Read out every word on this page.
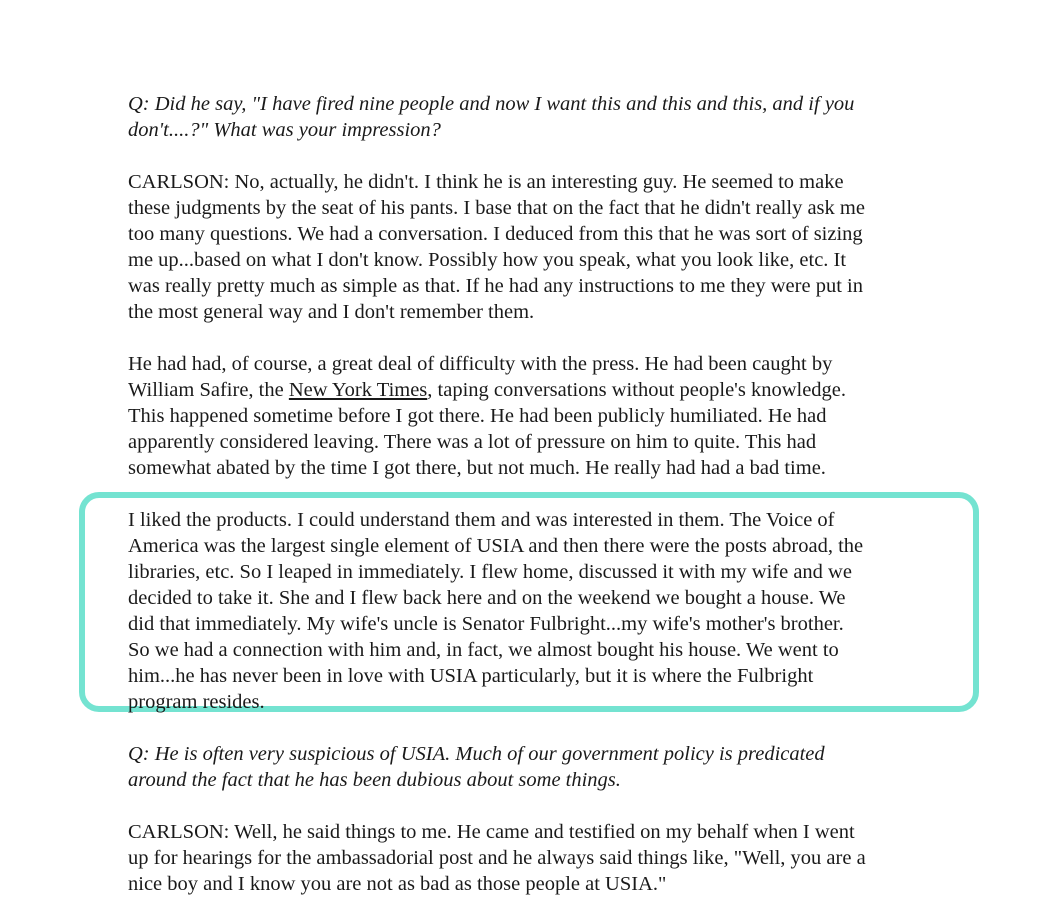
Q: Did he say, "I have fired nine people and now I want this and this and this, and if you
don't....?" What was your impression?

CARLSON: No, actually, he didn't. I think he is an interesting guy. He seemed to make
these judgments by the seat of his pants. I base that on the fact that he didn't really ask me
too many questions. We had a conversation. I deduced from this that he was sort of sizing
me up...based on what I don't know. Possibly how you speak, what you look like, etc. It
was really pretty much as simple as that. If he had any instructions to me they were put in
the most general way and I don't remember them.

He had had, of course, a great deal of difficulty with the press. He had been caught by
William Safire, the New York Times, taping conversations without people's knowledge.
This happened sometime before I got there. He had been publicly humiliated. He had
apparently considered leaving. There was a lot of pressure on him to quite. This had
somewhat abated by the time I got there, but not much. He really had had a bad time.

I liked the products. I could understand them and was interested in them. The Voice of
America was the largest single element of USIA and then there were the posts abroad, the
libraries, etc. So I leaped in immediately. I flew home, discussed it with my wife and we
decided to take it. She and I flew back here and on the weekend we bought a house. We
did that immediately. My wife's uncle is Senator Fulbright...my wife's mother's brother.
So we had a connection with him and, in fact, we almost bought his house. We went to
him...he has never been in love with USIA particularly, but it is where the Fulbright
program resides.

Q: He is often very suspicious of USIA. Much of our government policy is predicated
around the fact that he has been dubious about some things.

CARLSON: Well, he said things to me. He came and testified on my behalf when I went
up for hearings for the ambassadorial post and he always said things like, "Well, you are a
nice boy and I know you are not as bad as those people at USIA."
